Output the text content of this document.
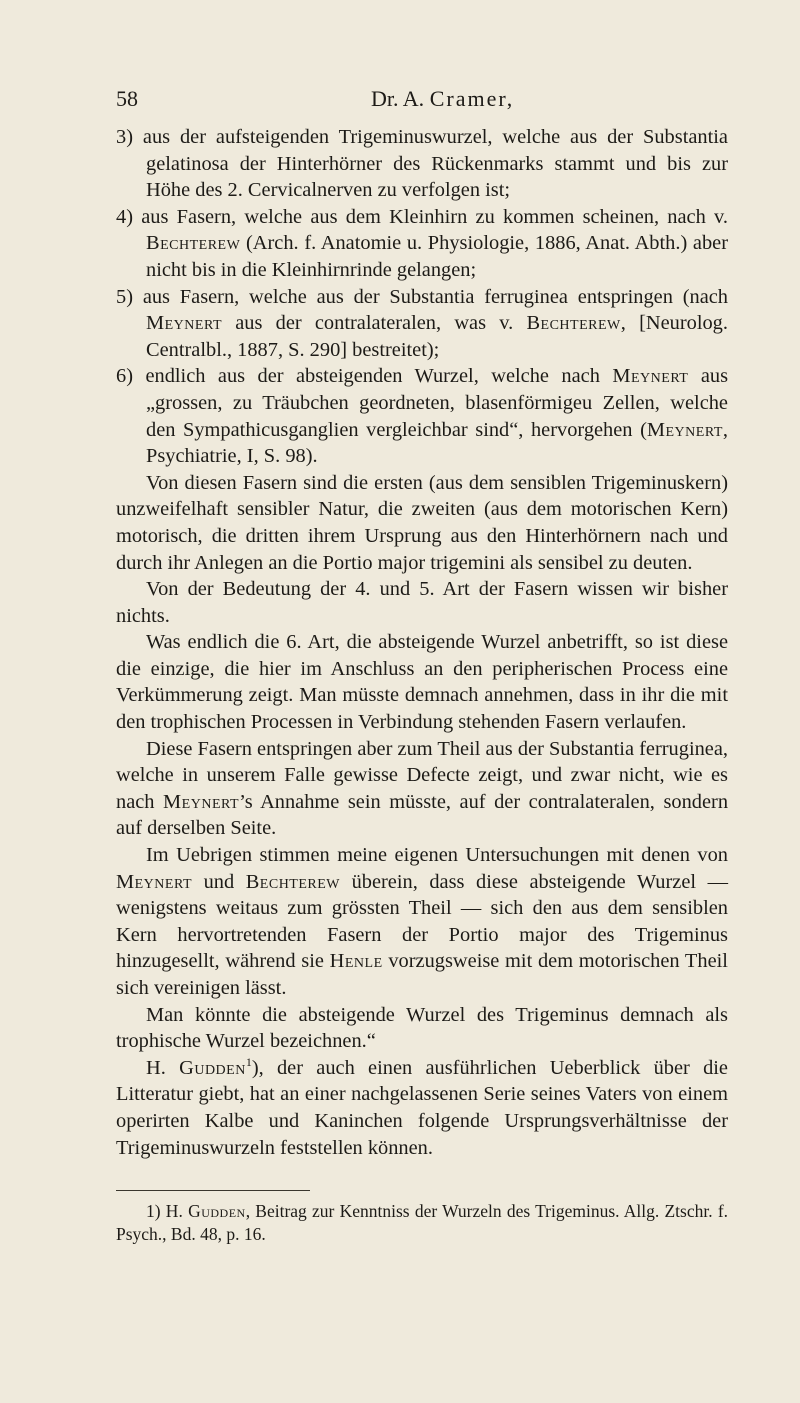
58	Dr. A. Cramer,

3) aus der aufsteigenden Trigeminuswurzel, welche aus der Substantia gelatinosa der Hinterhörner des Rückenmarks stammt und bis zur Höhe des 2. Cervicalnerven zu verfolgen ist;

4) aus Fasern, welche aus dem Kleinhirn zu kommen scheinen, nach v. Bechterew (Arch. f. Anatomie u. Physiologie, 1886, Anat. Abth.) aber nicht bis in die Kleinhirnrinde gelangen;

5) aus Fasern, welche aus der Substantia ferruginea entspringen (nach Meynert aus der contralateralen, was v. Bechterew, [Neurolog. Centralbl., 1887, S. 290] bestreitet);

6) endlich aus der absteigenden Wurzel, welche nach Meynert aus „grossen, zu Träubchen geordneten, blasenförmigeu Zellen, welche den Sympathicusganglien vergleichbar sind“, hervorgehen (Meynert, Psychiatrie, I, S. 98).

Von diesen Fasern sind die ersten (aus dem sensiblen Trigeminuskern) unzweifelhaft sensibler Natur, die zweiten (aus dem motorischen Kern) motorisch, die dritten ihrem Ursprung aus den Hinterhörnern nach und durch ihr Anlegen an die Portio major trigemini als sensibel zu deuten.

Von der Bedeutung der 4. und 5. Art der Fasern wissen wir bisher nichts.

Was endlich die 6. Art, die absteigende Wurzel anbetrifft, so ist diese die einzige, die hier im Anschluss an den peripherischen Process eine Verkümmerung zeigt. Man müsste demnach annehmen, dass in ihr die mit den trophischen Processen in Verbindung stehenden Fasern verlaufen.

Diese Fasern entspringen aber zum Theil aus der Substantia ferruginea, welche in unserem Falle gewisse Defecte zeigt, und zwar nicht, wie es nach Meynert’s Annahme sein müsste, auf der contralateralen, sondern auf derselben Seite.

Im Uebrigen stimmen meine eigenen Untersuchungen mit denen von Meynert und Bechterew überein, dass diese absteigende Wurzel — wenigstens weitaus zum grössten Theil — sich den aus dem sensiblen Kern hervortretenden Fasern der Portio major des Trigeminus hinzugesellt, während sie Henle vorzugsweise mit dem motorischen Theil sich vereinigen lässt.

Man könnte die absteigende Wurzel des Trigeminus demnach als trophische Wurzel bezeichnen.“

H. Gudden$^1$), der auch einen ausführlichen Ueberblick über die Litteratur giebt, hat an einer nachgelassenen Serie seines Vaters von einem operirten Kalbe und Kaninchen folgende Ursprungsverhältnisse der Trigeminuswurzeln feststellen können.

1) H. Gudden, Beitrag zur Kenntniss der Wurzeln des Trigeminus. Allg. Ztschr. f. Psych., Bd. 48, p. 16.
